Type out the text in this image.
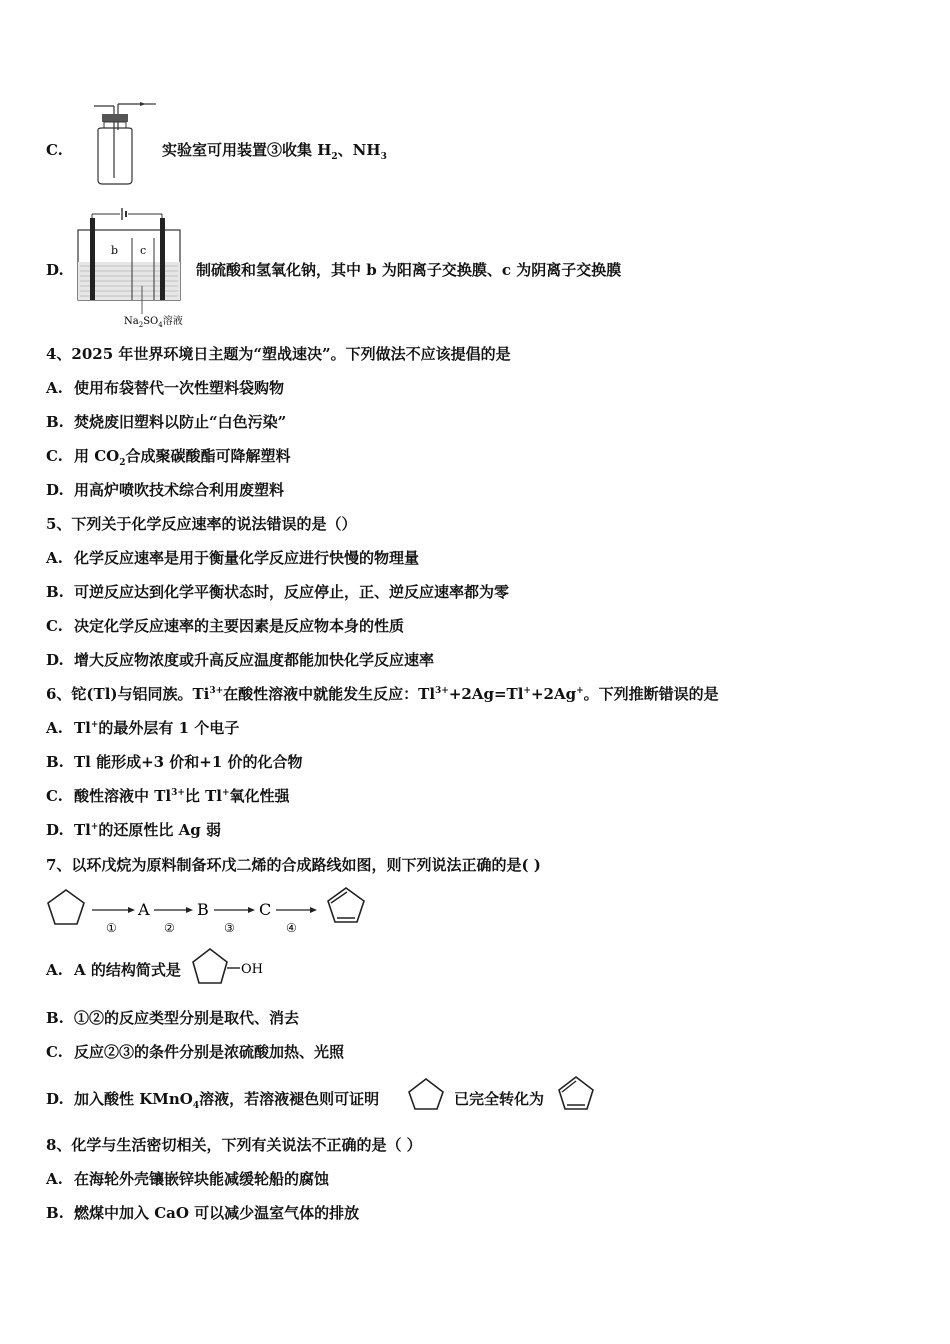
C.	实验室可用装置③收集 $H_2$、$NH_3$
D.
b c
$Na_2SO_4$溶液
制硫酸和氢氧化钠，其中 b 为阳离子交换膜、c 为阴离子交换膜
4、2025 年世界环境日主题为“塑战速决”。下列做法不应该提倡的是
A. 使用布袋替代一次性塑料袋购物
B. 焚烧废旧塑料以防止“白色污染”
C. 用 $CO_2$合成聚碳酸酯可降解塑料
D. 用高炉喷吹技术综合利用废塑料
5、下列关于化学反应速率的说法错误的是（）
A. 化学反应速率是用于衡量化学反应进行快慢的物理量
B. 可逆反应达到化学平衡状态时，反应停止，正、逆反应速率都为零
C. 决定化学反应速率的主要因素是反应物本身的性质
D. 增大反应物浓度或升高反应温度都能加快化学反应速率
6、铊(Tl)与铝同族。$Ti^{3+}$在酸性溶液中就能发生反应：$Tl^{3+}+2Ag=Tl^++2Ag^+$。下列推断错误的是
A. Tl+的最外层有 1 个电子
B. Tl 能形成+3 价和+1 价的化合物
C. 酸性溶液中 $Tl^{3+}$比 Tl+氧化性强
D. Tl+的还原性比 Ag 弱
7、以环戊烷为原料制备环戊二烯的合成路线如图，则下列说法正确的是( )
①
A
②
B
③
C
④
A. A 的结构简式是	OH
B. ①②的反应类型分别是取代、消去
C. 反应②③的条件分别是浓硫酸加热、光照
D. 加入酸性 KMnO$_4$溶液，若溶液褪色则可证明	已完全转化为
8、化学与生活密切相关，下列有关说法不正确的是（ ）
A. 在海轮外壳镶嵌锌块能减缓轮船的腐蚀
B. 燃煤中加入 CaO 可以减少温室气体的排放
